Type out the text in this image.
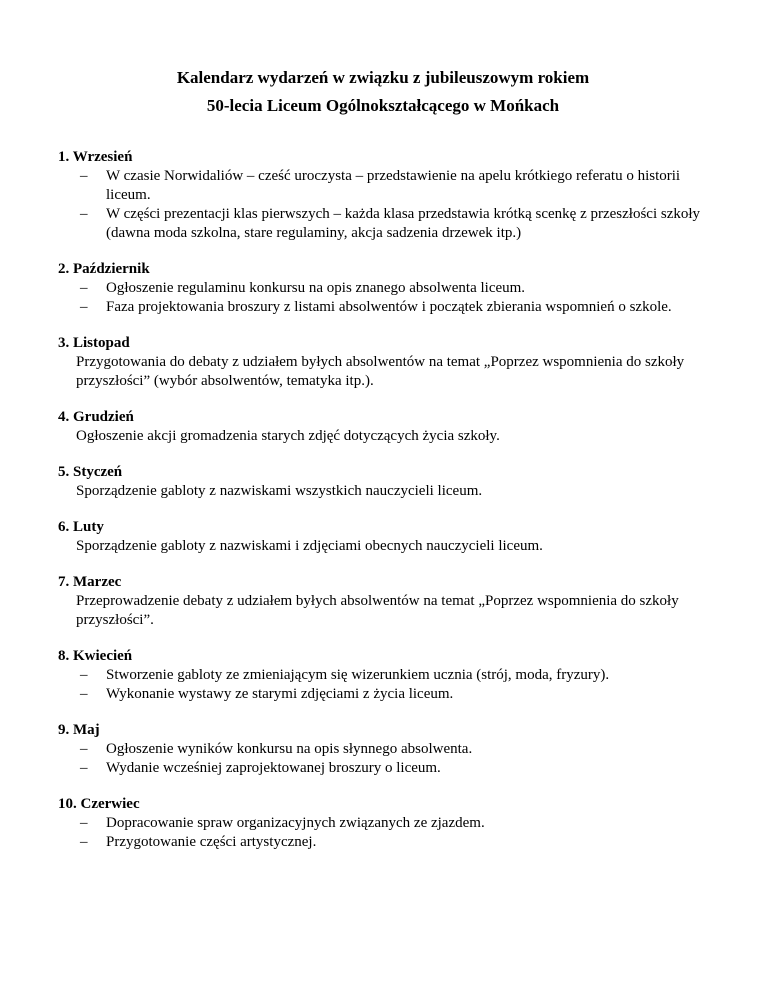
Kalendarz wydarzeń w związku z jubileuszowym rokiem
50-lecia Liceum Ogólnokształcącego w Mońkach
1. Wrzesień
– W czasie Norwidaliów – cześć uroczysta – przedstawienie na apelu krótkiego referatu o historii liceum.
– W części prezentacji klas pierwszych – każda klasa przedstawia krótką scenkę z przeszłości szkoły (dawna moda szkolna, stare regulaminy, akcja sadzenia drzewek itp.)
2. Październik
– Ogłoszenie regulaminu konkursu na opis znanego absolwenta liceum.
– Faza projektowania broszury z listami absolwentów i początek zbierania wspomnień o szkole.
3. Listopad
Przygotowania do debaty z udziałem byłych absolwentów na temat „Poprzez wspomnienia do szkoły przyszłości” (wybór absolwentów, tematyka itp.).
4. Grudzień
Ogłoszenie akcji gromadzenia starych zdjęć dotyczących życia szkoły.
5. Styczeń
Sporządzenie gabloty z nazwiskami wszystkich nauczycieli liceum.
6. Luty
Sporządzenie gabloty z nazwiskami i zdjęciami obecnych nauczycieli liceum.
7. Marzec
Przeprowadzenie debaty z udziałem byłych absolwentów na temat „Poprzez wspomnienia do szkoły przyszłości”.
8. Kwiecień
– Stworzenie gabloty ze zmieniającym się wizerunkiem ucznia (strój, moda, fryzury).
– Wykonanie wystawy ze starymi zdjęciami z życia liceum.
9. Maj
– Ogłoszenie wyników konkursu na opis słynnego absolwenta.
– Wydanie wcześniej zaprojektowanej broszury o liceum.
10. Czerwiec
– Dopracowanie spraw organizacyjnych związanych ze zjazdem.
– Przygotowanie części artystycznej.
